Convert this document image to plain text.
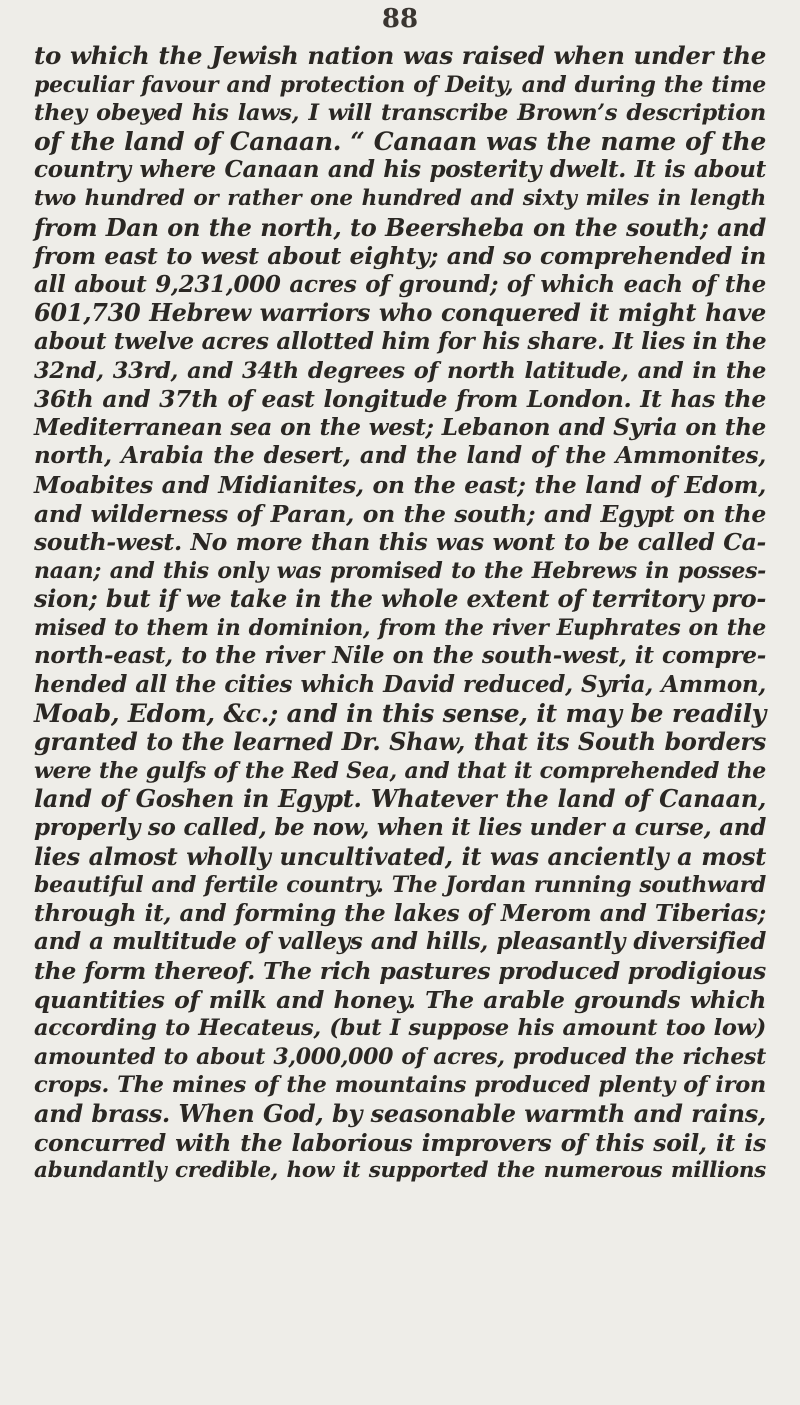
88
to which the Jewish nation was raised when under the
peculiar favour and protection of Deity, and during the time
they obeyed his laws, I will transcribe Brown’s description
of the land of Canaan. “ Canaan was the name of the
country where Canaan and his posterity dwelt. It is about
two hundred or rather one hundred and sixty miles in length
from Dan on the north, to Beersheba on the south; and
from east to west about eighty; and so comprehended in
all about 9,231,000 acres of ground; of which each of the
601,730 Hebrew warriors who conquered it might have
about twelve acres allotted him for his share. It lies in the
32nd, 33rd, and 34th degrees of north latitude, and in the
36th and 37th of east longitude from London. It has the
Mediterranean sea on the west; Lebanon and Syria on the
north, Arabia the desert, and the land of the Ammonites,
Moabites and Midianites, on the east; the land of Edom,
and wilderness of Paran, on the south; and Egypt on the
south-west. No more than this was wont to be called Ca-
naan; and this only was promised to the Hebrews in posses-
sion; but if we take in the whole extent of territory pro-
mised to them in dominion, from the river Euphrates on the
north-east, to the river Nile on the south-west, it compre-
hended all the cities which David reduced, Syria, Ammon,
Moab, Edom, &c.; and in this sense, it may be readily
granted to the learned Dr. Shaw, that its South borders
were the gulfs of the Red Sea, and that it comprehended the
land of Goshen in Egypt. Whatever the land of Canaan,
properly so called, be now, when it lies under a curse, and
lies almost wholly uncultivated, it was anciently a most
beautiful and fertile country. The Jordan running southward
through it, and forming the lakes of Merom and Tiberias;
and a multitude of valleys and hills, pleasantly diversified
the form thereof. The rich pastures produced prodigious
quantities of milk and honey. The arable grounds which
according to Hecateus, (but I suppose his amount too low)
amounted to about 3,000,000 of acres, produced the richest
crops. The mines of the mountains produced plenty of iron
and brass. When God, by seasonable warmth and rains,
concurred with the laborious improvers of this soil, it is
abundantly credible, how it supported the numerous millions
